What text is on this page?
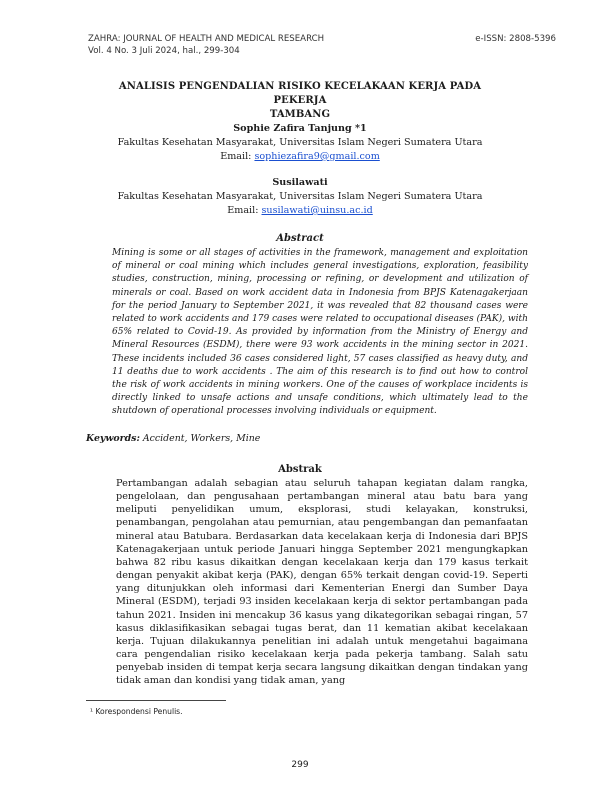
ZAHRA: JOURNAL OF HEALTH AND MEDICAL RESEARCH
Vol. 4 No. 3 Juli 2024, hal., 299-304
e-ISSN: 2808-5396
ANALISIS PENGENDALIAN RISIKO KECELAKAAN KERJA PADA PEKERJA
TAMBANG
Sophie Zafira Tanjung *1
Fakultas Kesehatan Masyarakat, Universitas Islam Negeri Sumatera Utara
Email: sophiezafira9@gmail.com
Susilawati
Fakultas Kesehatan Masyarakat, Universitas Islam Negeri Sumatera Utara
Email: susilawati@uinsu.ac.id
Abstract
Mining is some or all stages of activities in the framework, management and exploitation of mineral or coal mining which includes general investigations, exploration, feasibility studies, construction, mining, processing or refining, or development and utilization of minerals or coal. Based on work accident data in Indonesia from BPJS Katenagakerjaan for the period January to September 2021, it was revealed that 82 thousand cases were related to work accidents and 179 cases were related to occupational diseases (PAK), with 65% related to Covid-19. As provided by information from the Ministry of Energy and Mineral Resources (ESDM), there were 93 work accidents in the mining sector in 2021. These incidents included 36 cases considered light, 57 cases classified as heavy duty, and 11 deaths due to work accidents . The aim of this research is to find out how to control the risk of work accidents in mining workers. One of the causes of workplace incidents is directly linked to unsafe actions and unsafe conditions, which ultimately lead to the shutdown of operational processes involving individuals or equipment.
Keywords: Accident, Workers, Mine
Abstrak
Pertambangan adalah sebagian atau seluruh tahapan kegiatan dalam rangka, pengelolaan, dan pengusahaan pertambangan mineral atau batu bara yang meliputi penyelidikan umum, eksplorasi, studi kelayakan, konstruksi, penambangan, pengolahan atau pemurnian, atau pengembangan dan pemanfaatan mineral atau Batubara. Berdasarkan data kecelakaan kerja di Indonesia dari BPJS Katenagakerjaan untuk periode Januari hingga September 2021 mengungkapkan bahwa 82 ribu kasus dikaitkan dengan kecelakaan kerja dan 179 kasus terkait dengan penyakit akibat kerja (PAK), dengan 65% terkait dengan covid-19. Seperti yang ditunjukkan oleh informasi dari Kementerian Energi dan Sumber Daya Mineral (ESDM), terjadi 93 insiden kecelakaan kerja di sektor pertambangan pada tahun 2021. Insiden ini mencakup 36 kasus yang dikategorikan sebagai ringan, 57 kasus diklasifikasikan sebagai tugas berat, dan 11 kematian akibat kecelakaan kerja. Tujuan dilakukannya penelitian ini adalah untuk mengetahui bagaimana cara pengendalian risiko kecelakaan kerja pada pekerja tambang. Salah satu penyebab insiden di tempat kerja secara langsung dikaitkan dengan tindakan yang tidak aman dan kondisi yang tidak aman, yang
¹ Korespondensi Penulis.
299
